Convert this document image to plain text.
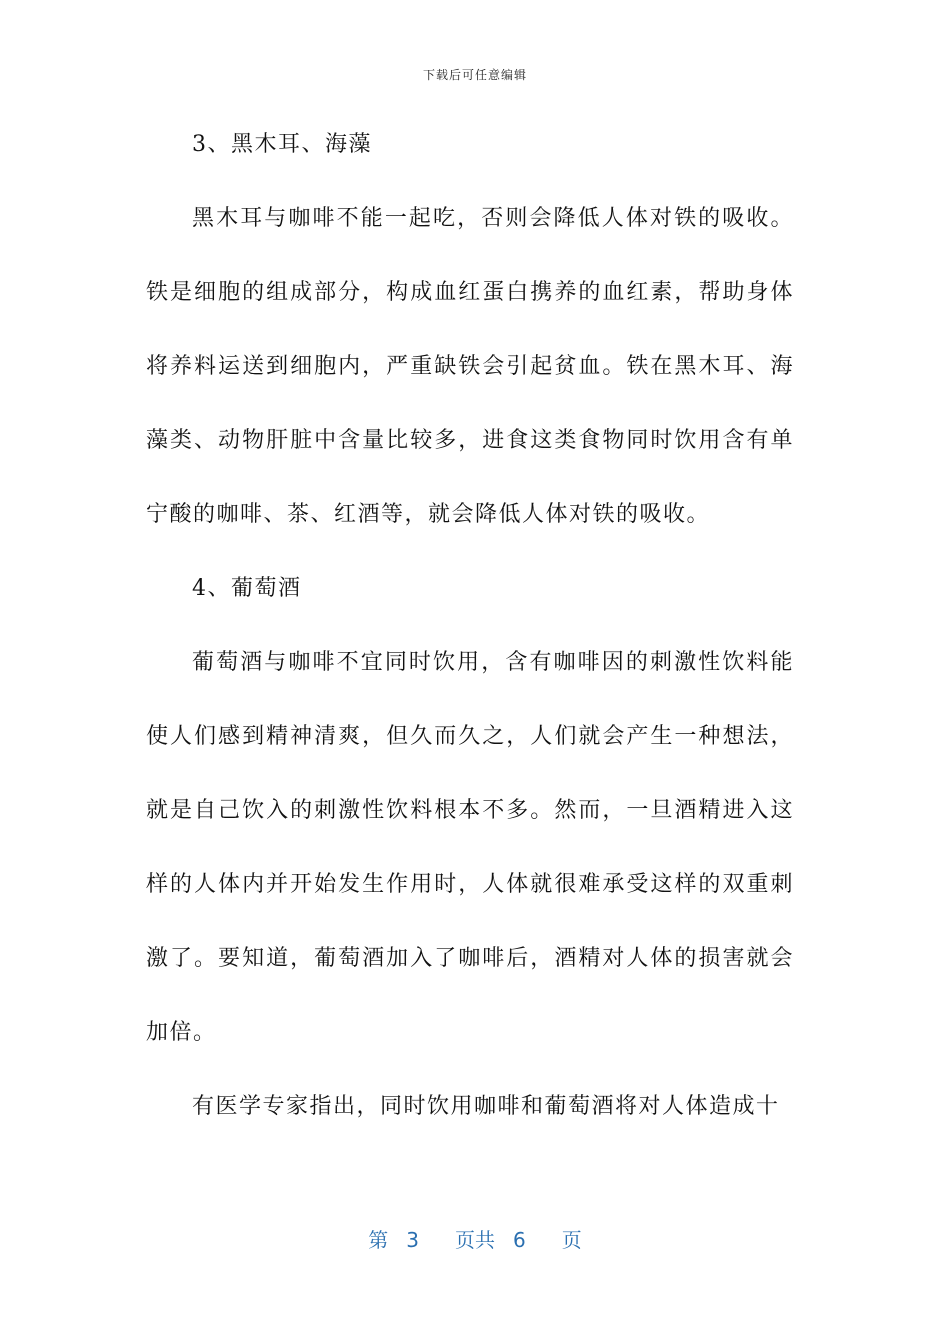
下载后可任意编辑
3、黑木耳、海藻

黑木耳与咖啡不能一起吃，否则会降低人体对铁的吸收。铁是细胞的组成部分，构成血红蛋白携养的血红素，帮助身体将养料运送到细胞内，严重缺铁会引起贫血。铁在黑木耳、海藻类、动物肝脏中含量比较多，进食这类食物同时饮用含有单宁酸的咖啡、茶、红酒等，就会降低人体对铁的吸收。

4、葡萄酒

葡萄酒与咖啡不宜同时饮用，含有咖啡因的刺激性饮料能使人们感到精神清爽，但久而久之，人们就会产生一种想法，就是自己饮入的刺激性饮料根本不多。然而，一旦酒精进入这样的人体内并开始发生作用时，人体就很难承受这样的双重刺激了。要知道，葡萄酒加入了咖啡后，酒精对人体的损害就会加倍。

有医学专家指出，同时饮用咖啡和葡萄酒将对人体造成十

第 3 页共 6 页
